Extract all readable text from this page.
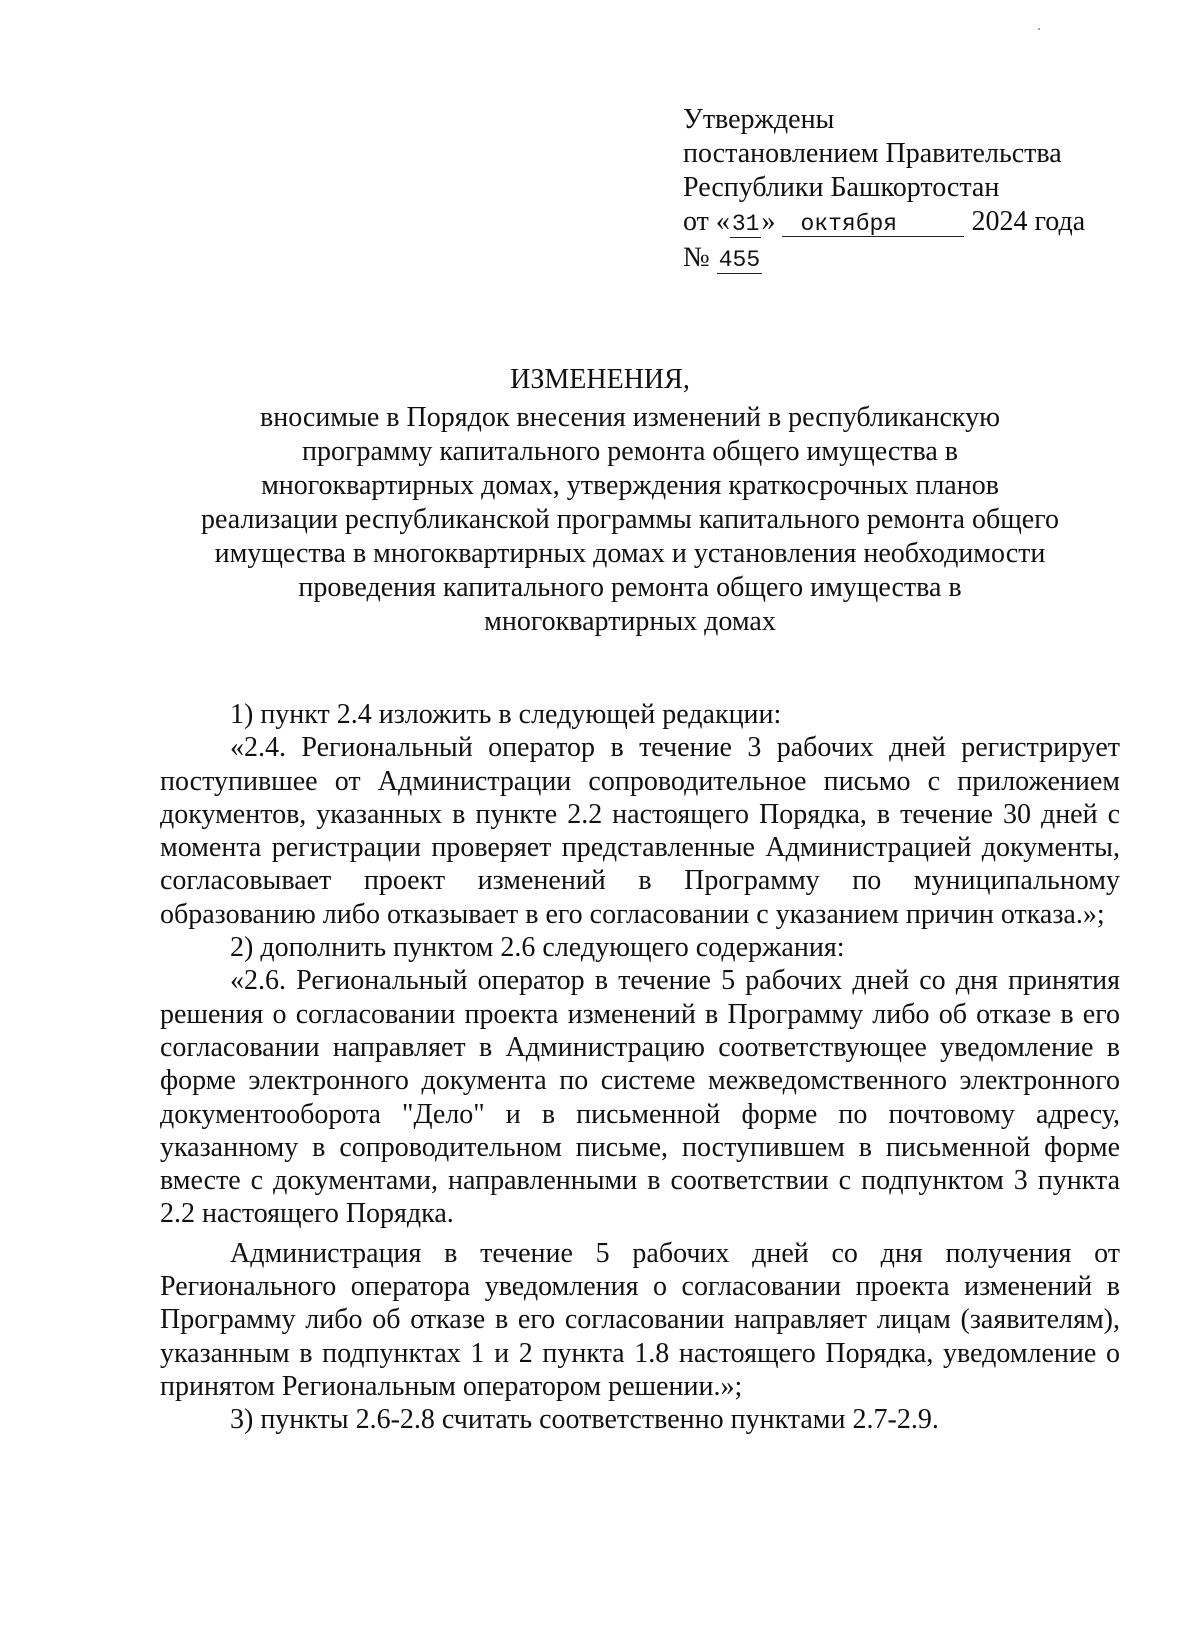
Утверждены
постановлением Правительства
Республики Башкортостан
от «31» октября 2024 года
№ 455
ИЗМЕНЕНИЯ,
вносимые в Порядок внесения изменений в республиканскую
программу капитального ремонта общего имущества в
многоквартирных домах, утверждения краткосрочных планов
реализации республиканской программы капитального ремонта общего
имущества в многоквартирных домах и установления необходимости
проведения капитального ремонта общего имущества в
многоквартирных домах

1) пункт 2.4 изложить в следующей редакции:

«2.4. Региональный оператор в течение 3 рабочих дней регистрирует поступившее от Администрации сопроводительное письмо с приложением документов, указанных в пункте 2.2 настоящего Порядка, в течение 30 дней с момента регистрации проверяет представленные Администрацией документы, согласовывает проект изменений в Программу по муниципальному образованию либо отказывает в его согласовании с указанием причин отказа.»;

2) дополнить пунктом 2.6 следующего содержания:

«2.6. Региональный оператор в течение 5 рабочих дней со дня принятия решения о согласовании проекта изменений в Программу либо об отказе в его согласовании направляет в Администрацию соответствующее уведомление в форме электронного документа по системе межведомственного электронного документооборота "Дело" и в письменной форме по почтовому адресу, указанному в сопроводительном письме, поступившем в письменной форме вместе с документами, направленными в соответствии с подпунктом 3 пункта 2.2 настоящего Порядка.

Администрация в течение 5 рабочих дней со дня получения от Регионального оператора уведомления о согласовании проекта изменений в Программу либо об отказе в его согласовании направляет лицам (заявителям), указанным в подпунктах 1 и 2 пункта 1.8 настоящего Порядка, уведомление о принятом Региональным оператором решении.»;

3) пункты 2.6-2.8 считать соответственно пунктами 2.7-2.9.
